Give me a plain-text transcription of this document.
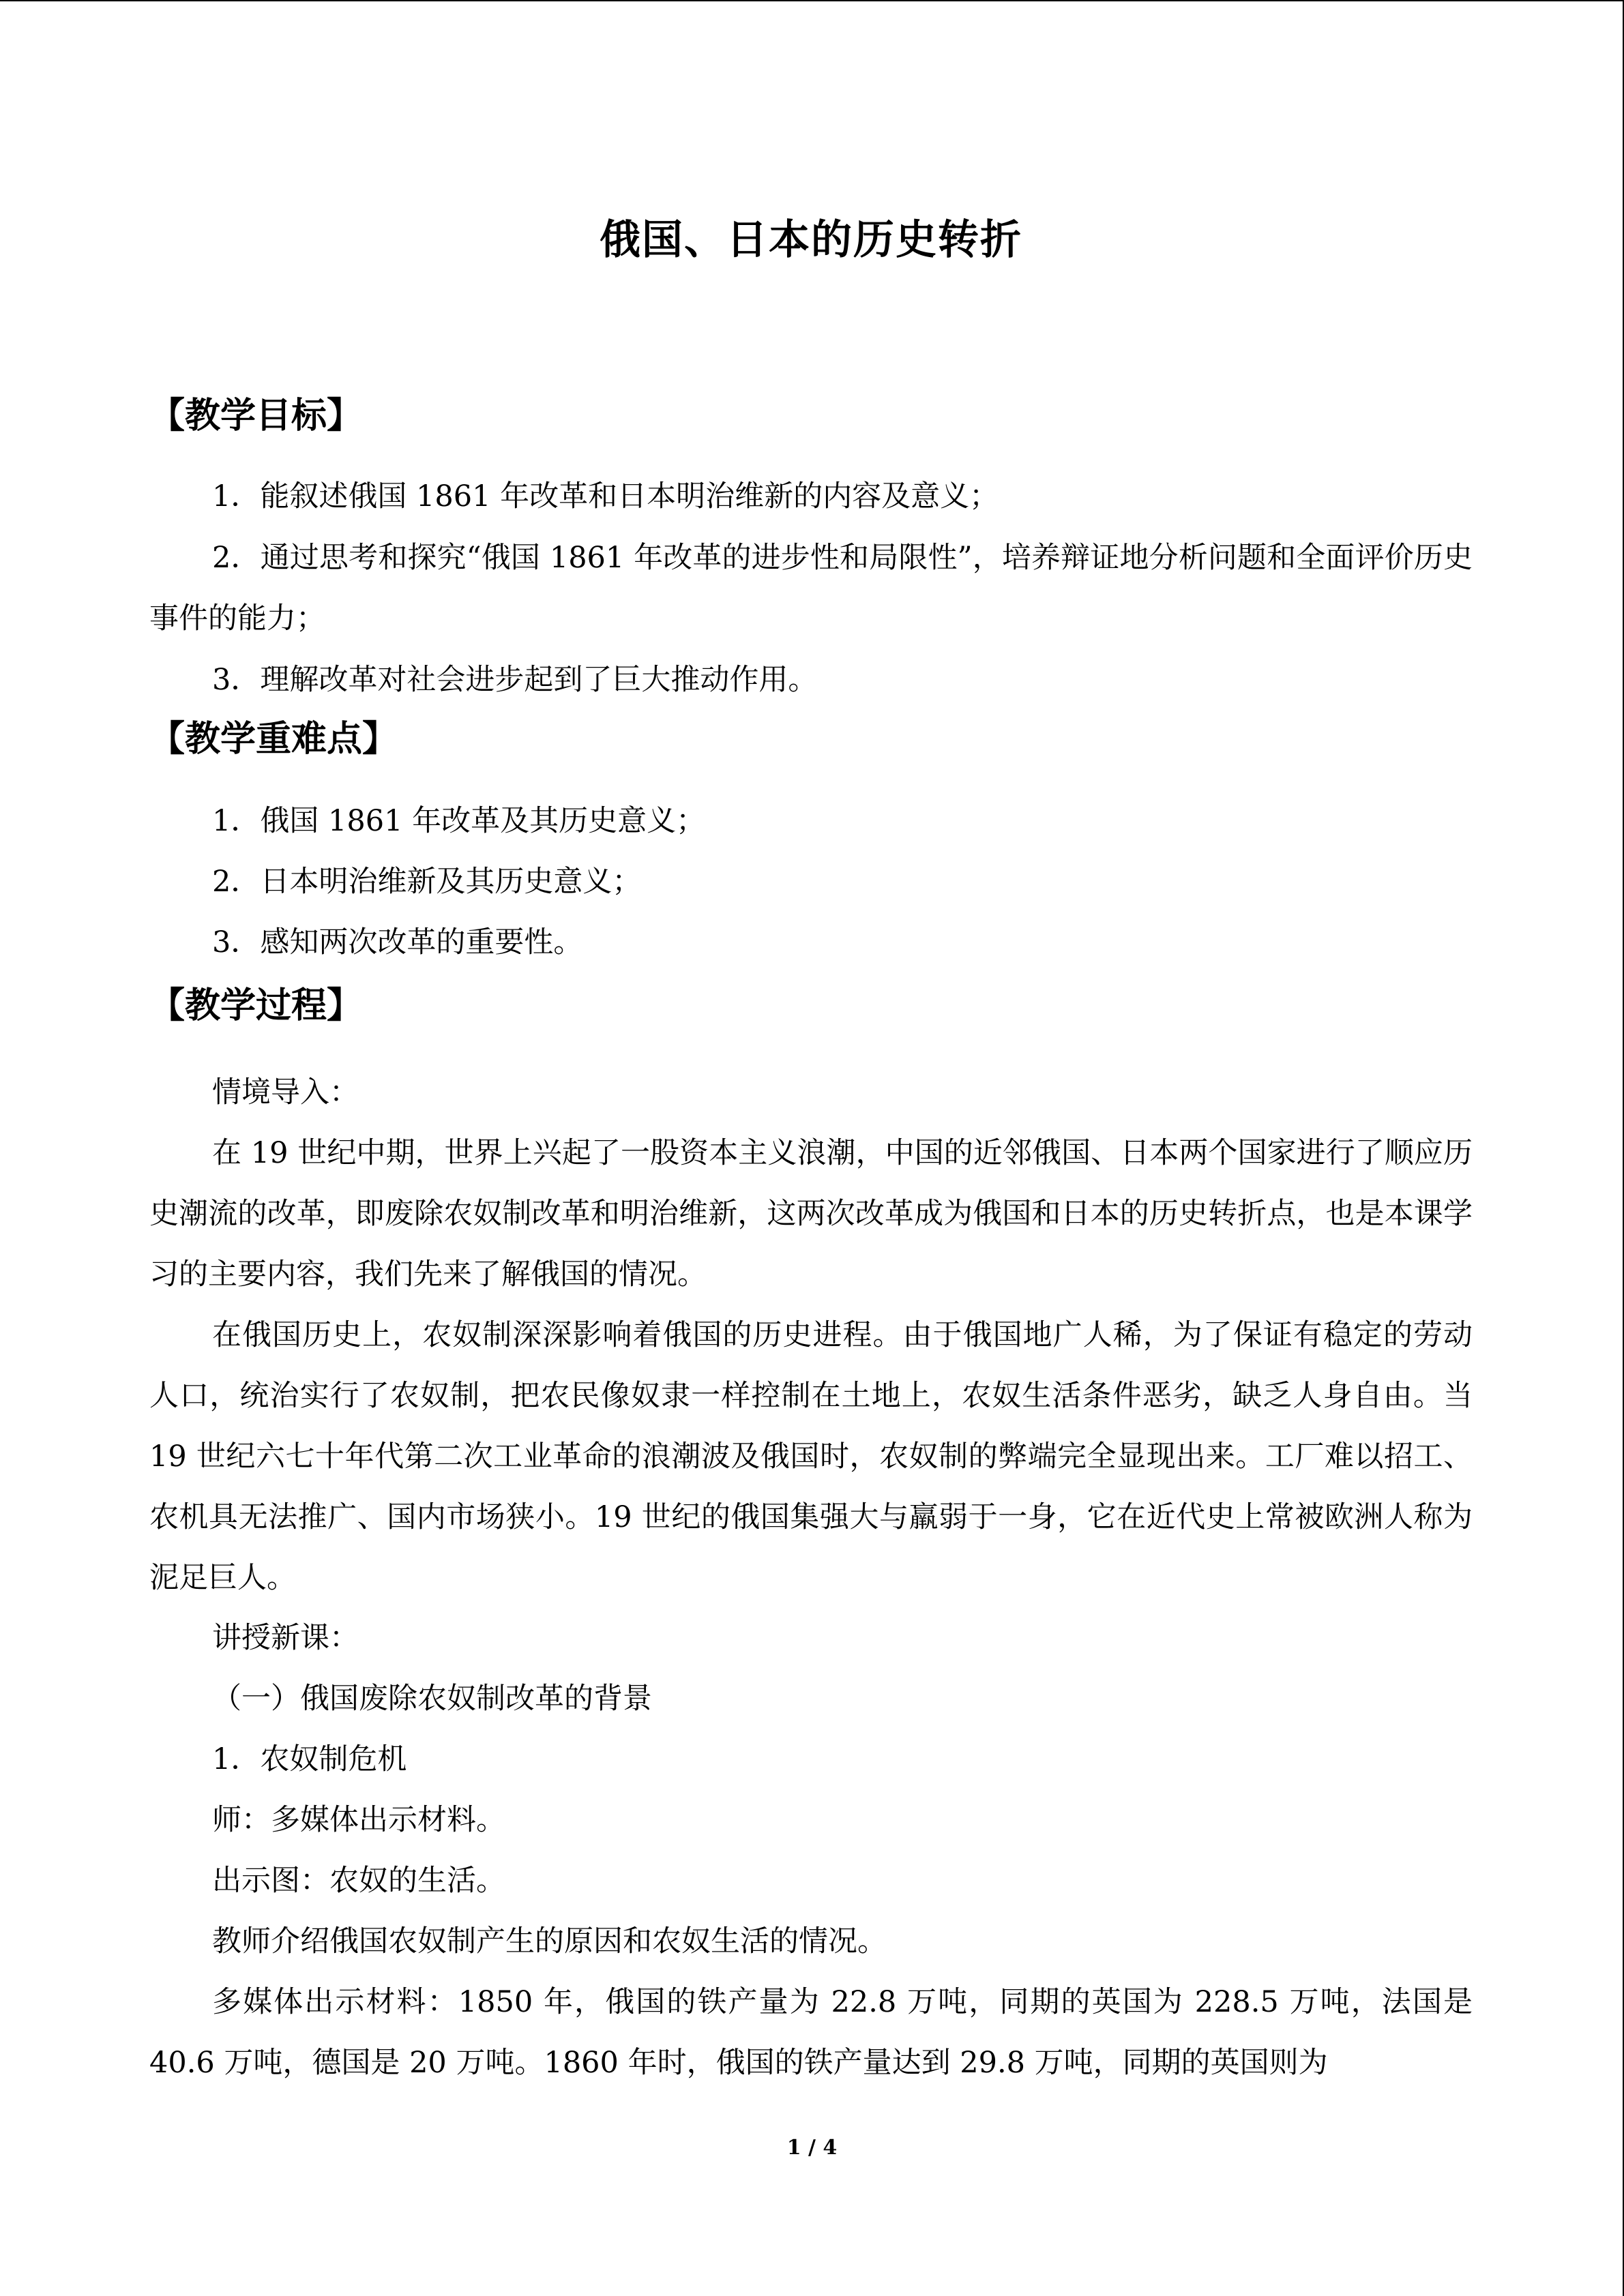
俄国、日本的历史转折
【教学目标】
1．能叙述俄国 1861 年改革和日本明治维新的内容及意义；
2．通过思考和探究“俄国 1861 年改革的进步性和局限性”，培养辩证地分析问题和全面评价历史事件的能力；
3．理解改革对社会进步起到了巨大推动作用。
【教学重难点】
1．俄国 1861 年改革及其历史意义；
2．日本明治维新及其历史意义；
3．感知两次改革的重要性。
【教学过程】
情境导入：
在 19 世纪中期，世界上兴起了一股资本主义浪潮，中国的近邻俄国、日本两个国家进行了顺应历史潮流的改革，即废除农奴制改革和明治维新，这两次改革成为俄国和日本的历史转折点，也是本课学习的主要内容，我们先来了解俄国的情况。
在俄国历史上，农奴制深深影响着俄国的历史进程。由于俄国地广人稀，为了保证有稳定的劳动人口，统治实行了农奴制，把农民像奴隶一样控制在土地上，农奴生活条件恶劣，缺乏人身自由。当 19 世纪六七十年代第二次工业革命的浪潮波及俄国时，农奴制的弊端完全显现出来。工厂难以招工、农机具无法推广、国内市场狭小。19 世纪的俄国集强大与羸弱于一身，它在近代史上常被欧洲人称为泥足巨人。
讲授新课：
（一）俄国废除农奴制改革的背景
1．农奴制危机
师：多媒体出示材料。
出示图：农奴的生活。
教师介绍俄国农奴制产生的原因和农奴生活的情况。
多媒体出示材料：1850 年，俄国的铁产量为 22.8 万吨，同期的英国为 228.5 万吨，法国是 40.6 万吨，德国是 20 万吨。1860 年时，俄国的铁产量达到 29.8 万吨，同期的英国则为
1 / 4
